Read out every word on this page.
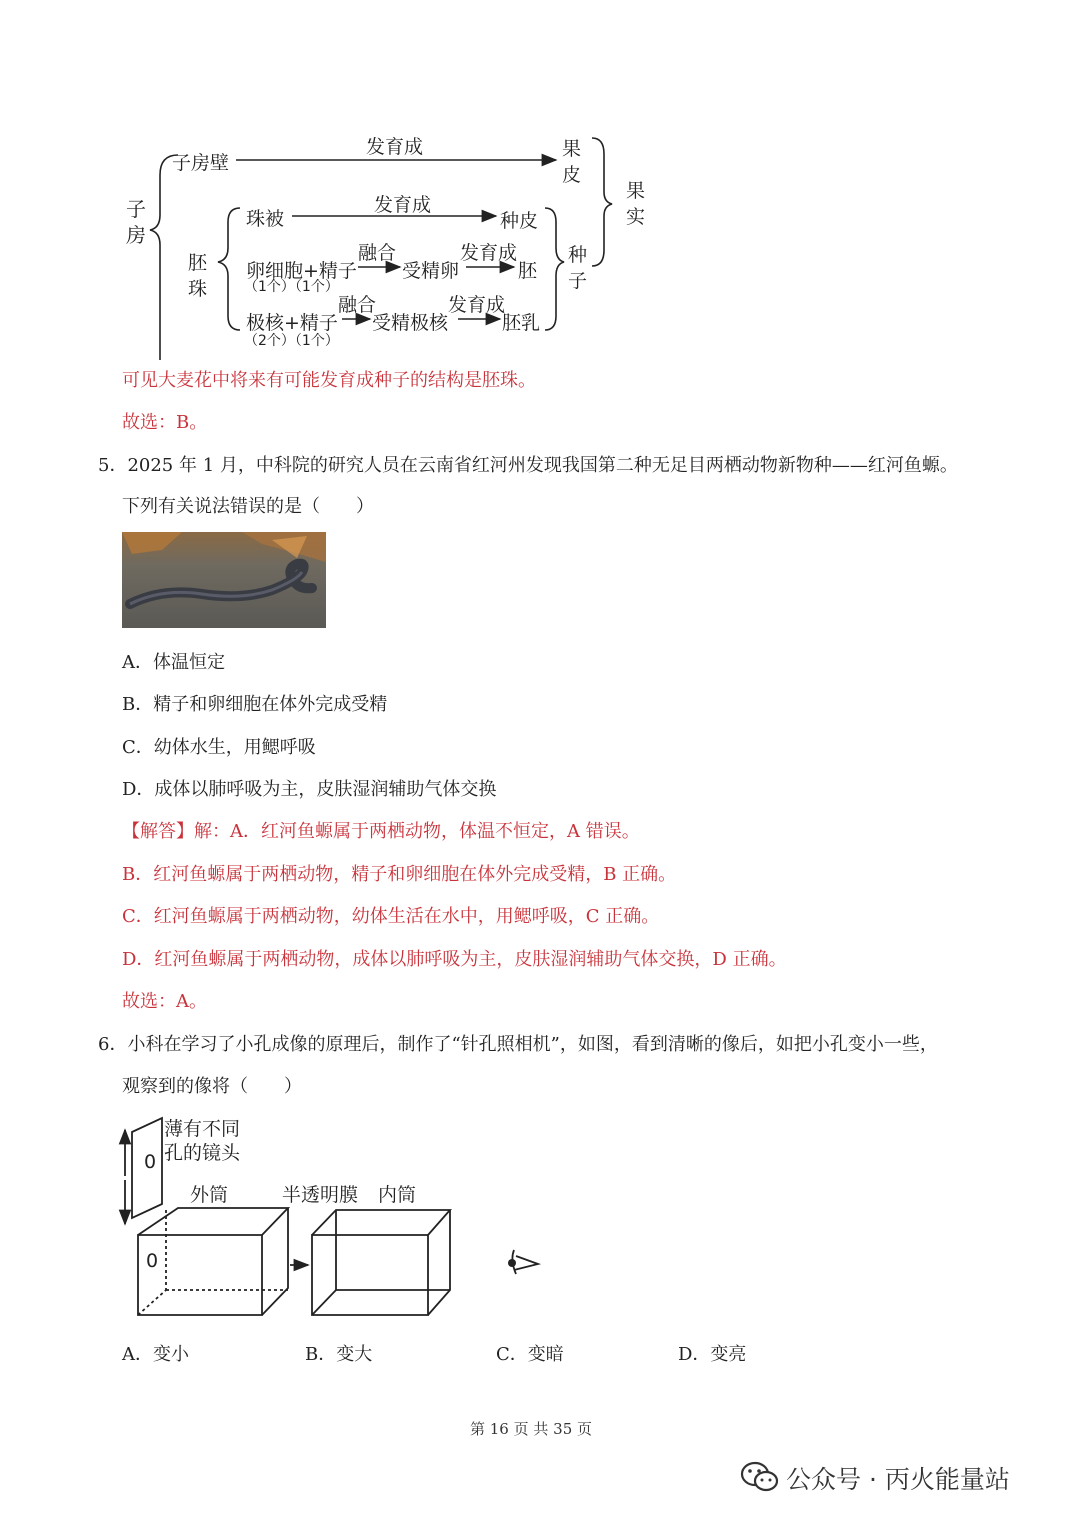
子房
子房壁
发育成	果
皮
果
实
胚
珠
珠被
发育成
种皮
卵细胞+精子
（1个）（1个）
融合
受精卵
发育成
胚
极核+精子
（2个）（1个）
融合
受精极核
发育成
胚乳
种
子
可见大麦花中将来有可能发育成种子的结构是胚珠。
故选：B。
5．2025 年 1 月，中科院的研究人员在云南省红河州发现我国第二种无足目两栖动物新物种——红河鱼螈。
下列有关说法错误的是（　　）
A．体温恒定
B．精子和卵细胞在体外完成受精
C．幼体水生，用鳃呼吸
D．成体以肺呼吸为主，皮肤湿润辅助气体交换
【解答】解：A．红河鱼螈属于两栖动物，体温不恒定，A 错误。
B．红河鱼螈属于两栖动物，精子和卵细胞在体外完成受精，B 正确。
C．红河鱼螈属于两栖动物，幼体生活在水中，用鳃呼吸，C 正确。
D．红河鱼螈属于两栖动物，成体以肺呼吸为主，皮肤湿润辅助气体交换，D 正确。
故选：A。
6．小科在学习了小孔成像的原理后，制作了“针孔照相机”，如图，看到清晰的像后，如把小孔变小一些，
观察到的像将（　　）
0
0
薄有不同
孔的镜头
外筒	半透明膜 内筒
A．变小	B．变大	C．变暗	D．变亮
第 16 页 共 35 页
公众号 · 丙火能量站
